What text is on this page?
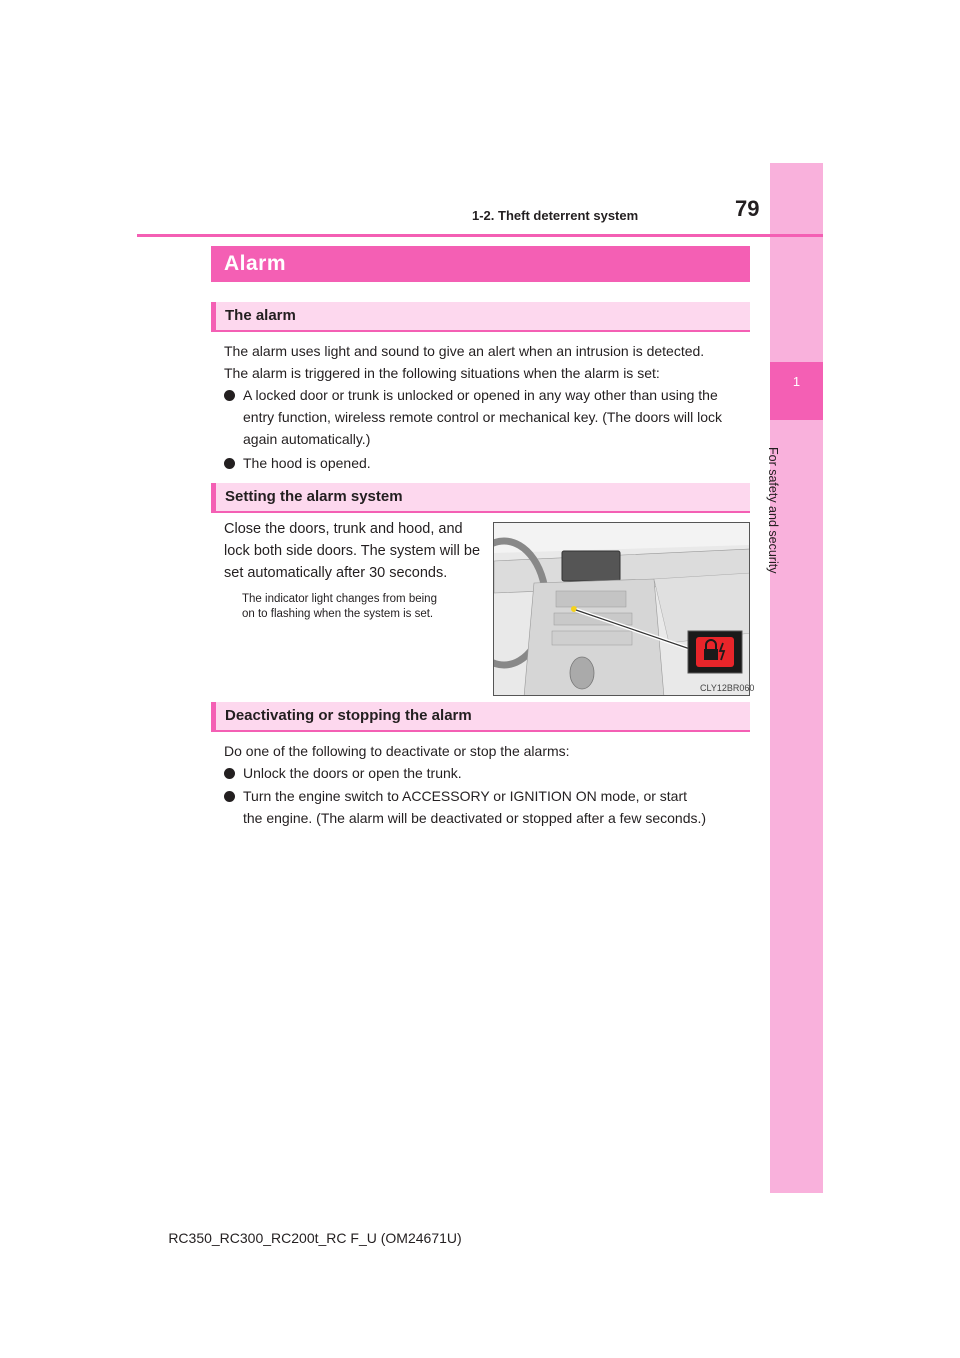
1
For safety and security
1-2. Theft deterrent system	79
Alarm
The alarm
The alarm uses light and sound to give an alert when an intrusion is detected.
The alarm is triggered in the following situations when the alarm is set:
A locked door or trunk is unlocked or opened in any way other than using the
entry function, wireless remote control or mechanical key. (The doors will lock
again automatically.)
The hood is opened.
Setting the alarm system
Close the doors, trunk and hood, and
lock both side doors. The system will be
set automatically after 30 seconds.
The indicator light changes from being
on to flashing when the system is set.
CLY12BR060
Deactivating or stopping the alarm
Do one of the following to deactivate or stop the alarms:
Unlock the doors or open the trunk.
Turn the engine switch to ACCESSORY or IGNITION ON mode, or start
the engine. (The alarm will be deactivated or stopped after a few seconds.)
RC350_RC300_RC200t_RC F_U (OM24671U)
